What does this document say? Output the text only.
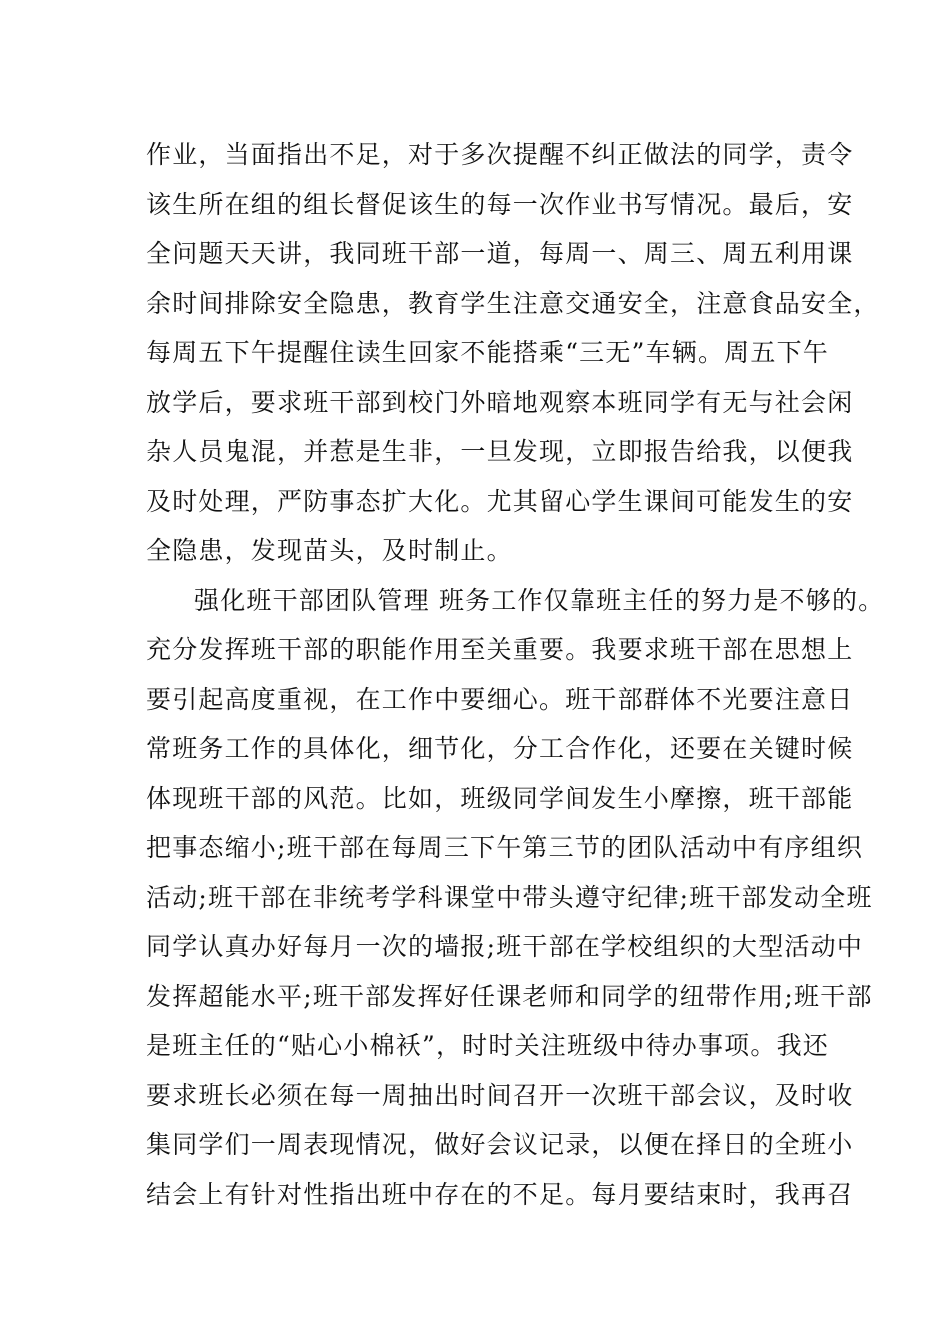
作业，当面指出不足，对于多次提醒不纠正做法的同学，责令
该生所在组的组长督促该生的每一次作业书写情况。最后，安
全问题天天讲，我同班干部一道，每周一、周三、周五利用课
余时间排除安全隐患，教育学生注意交通安全，注意食品安全，
每周五下午提醒住读生回家不能搭乘“三无”车辆。周五下午
放学后，要求班干部到校门外暗地观察本班同学有无与社会闲
杂人员鬼混，并惹是生非，一旦发现，立即报告给我，以便我
及时处理，严防事态扩大化。尤其留心学生课间可能发生的安
全隐患，发现苗头，及时制止。
强化班干部团队管理 班务工作仅靠班主任的努力是不够的。
充分发挥班干部的职能作用至关重要。我要求班干部在思想上
要引起高度重视，在工作中要细心。班干部群体不光要注意日
常班务工作的具体化，细节化，分工合作化，还要在关键时候
体现班干部的风范。比如，班级同学间发生小摩擦，班干部能
把事态缩小;班干部在每周三下午第三节的团队活动中有序组织
活动;班干部在非统考学科课堂中带头遵守纪律;班干部发动全班
同学认真办好每月一次的墙报;班干部在学校组织的大型活动中
发挥超能水平;班干部发挥好任课老师和同学的纽带作用;班干部
是班主任的“贴心小棉袄”，时时关注班级中待办事项。我还
要求班长必须在每一周抽出时间召开一次班干部会议，及时收
集同学们一周表现情况，做好会议记录，以便在择日的全班小
结会上有针对性指出班中存在的不足。每月要结束时，我再召
